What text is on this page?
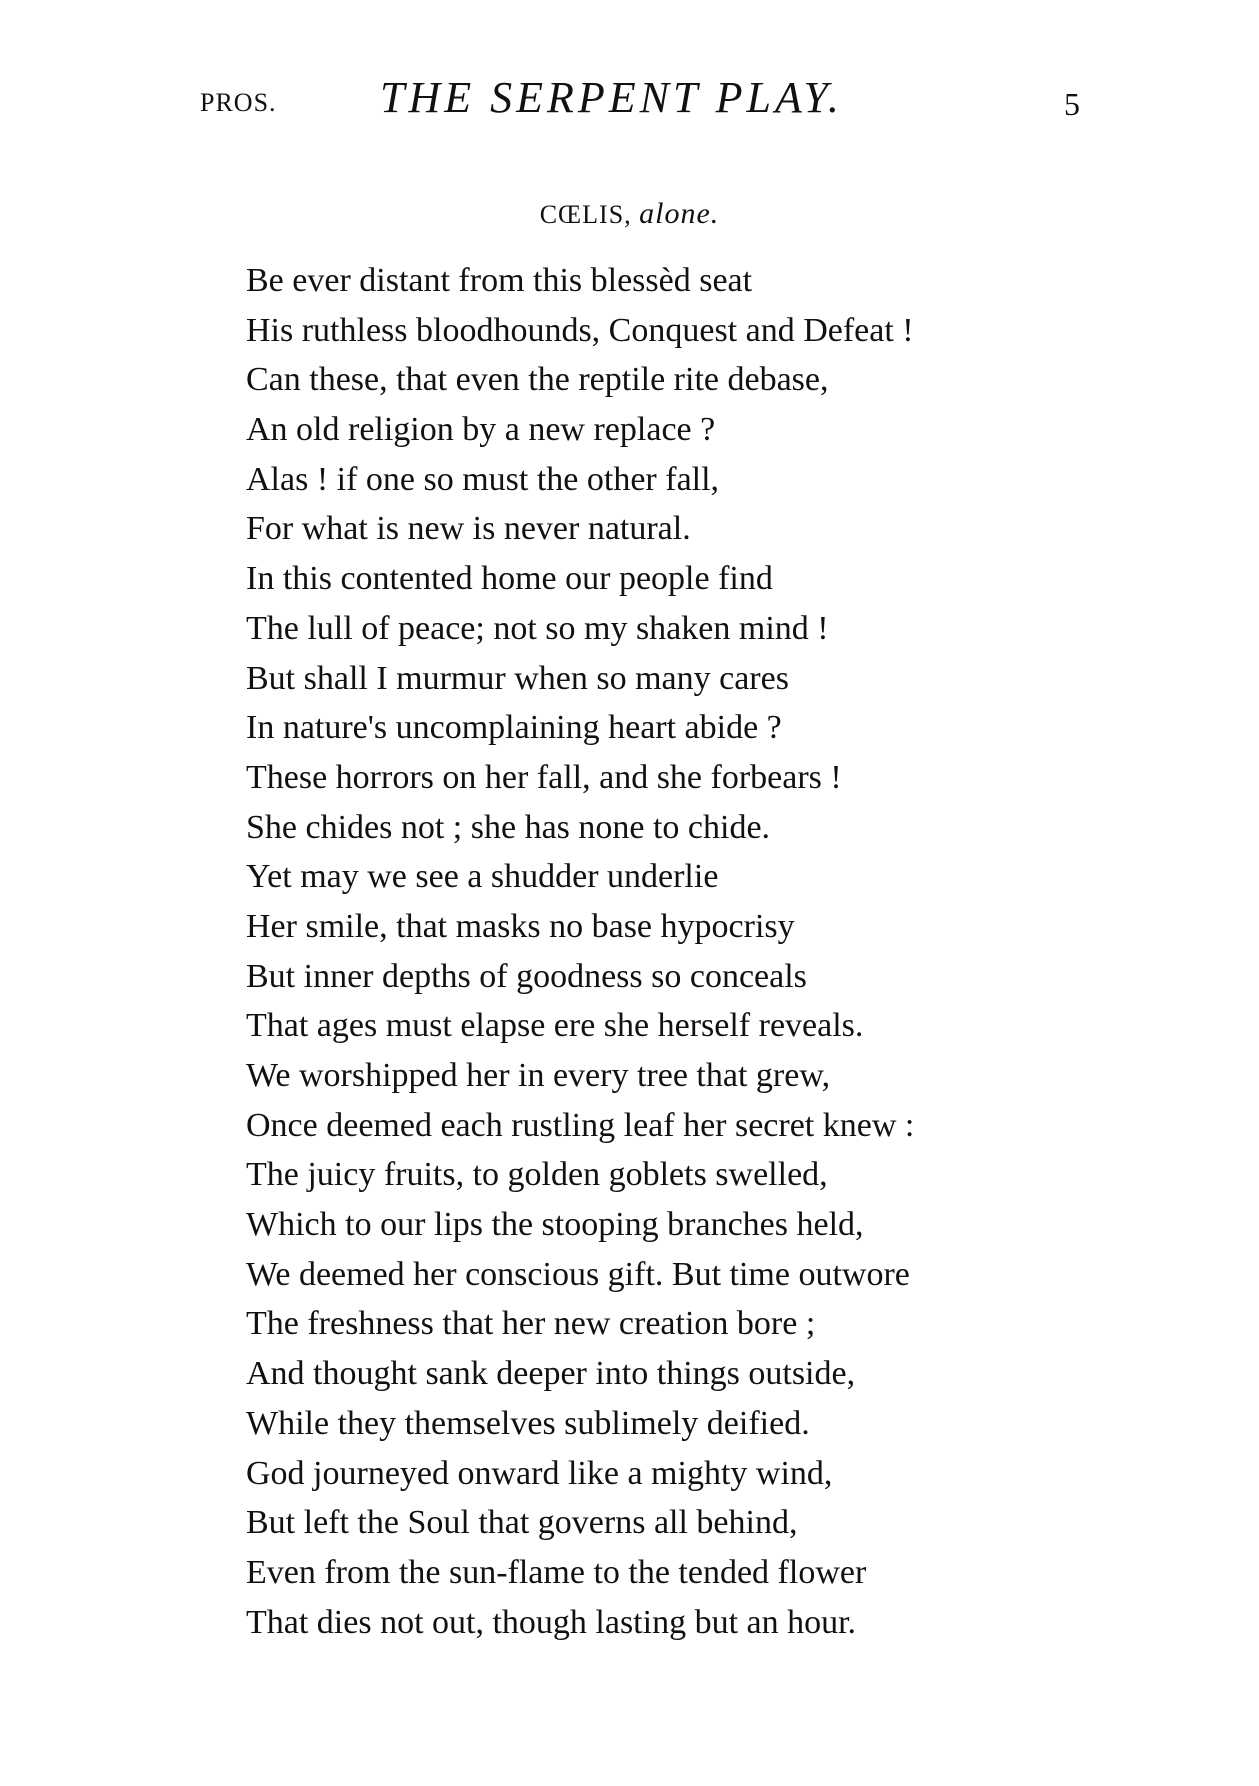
PROS. THE SERPENT PLAY.	5
CŒLIS, alone.
Be ever distant from this blessèd seat
His ruthless bloodhounds, Conquest and Defeat !
Can these, that even the reptile rite debase,
An old religion by a new replace ?
Alas ! if one so must the other fall,
For what is new is never natural.
In this contented home our people find
The lull of peace; not so my shaken mind !
But shall I murmur when so many cares
In nature's uncomplaining heart abide ?
These horrors on her fall, and she forbears !
She chides not ; she has none to chide.
Yet may we see a shudder underlie
Her smile, that masks no base hypocrisy
But inner depths of goodness so conceals
That ages must elapse ere she herself reveals.
We worshipped her in every tree that grew,
Once deemed each rustling leaf her secret knew :
The juicy fruits, to golden goblets swelled,
Which to our lips the stooping branches held,
We deemed her conscious gift. But time outwore
The freshness that her new creation bore ;
And thought sank deeper into things outside,
While they themselves sublimely deified.
God journeyed onward like a mighty wind,
But left the Soul that governs all behind,
Even from the sun-flame to the tended flower
That dies not out, though lasting but an hour.
